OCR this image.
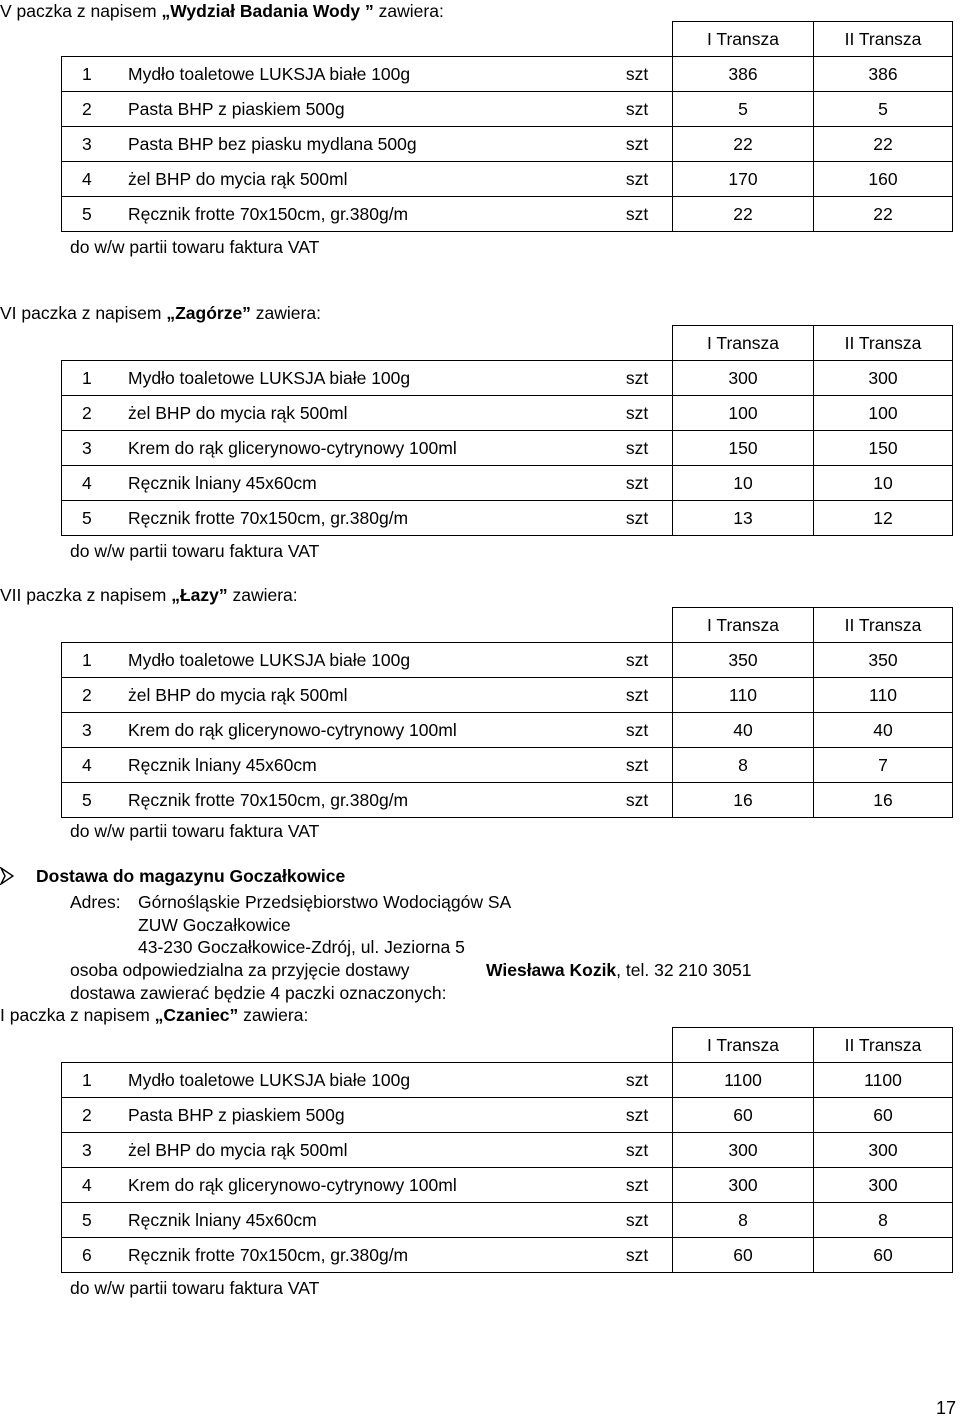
V paczka z napisem „Wydział Badania Wody ” zawiera:
			I Transza	II Transza
1	Mydło toaletowe LUKSJA białe 100g	szt	386	386
2	Pasta BHP z piaskiem 500g	szt	5	5
3	Pasta BHP bez piasku mydlana 500g	szt	22	22
4	żel BHP do mycia rąk 500ml	szt	170	160
5	Ręcznik frotte 70x150cm, gr.380g/m	szt	22	22
do w/w partii towaru faktura VAT
VI paczka z napisem „Zagórze” zawiera:
			I Transza	II Transza
1	Mydło toaletowe LUKSJA białe 100g	szt	300	300
2	żel BHP do mycia rąk 500ml	szt	100	100
3	Krem do rąk glicerynowo-cytrynowy 100ml	szt	150	150
4	Ręcznik lniany 45x60cm	szt	10	10
5	Ręcznik frotte 70x150cm, gr.380g/m	szt	13	12
do w/w partii towaru faktura VAT
VII paczka z napisem „Łazy” zawiera:
			I Transza	II Transza
1	Mydło toaletowe LUKSJA białe 100g	szt	350	350
2	żel BHP do mycia rąk 500ml	szt	110	110
3	Krem do rąk glicerynowo-cytrynowy 100ml	szt	40	40
4	Ręcznik lniany 45x60cm	szt	8	7
5	Ręcznik frotte 70x150cm, gr.380g/m	szt	16	16
do w/w partii towaru faktura VAT
Dostawa do magazynu Goczałkowice
Adres: Górnośląskie Przedsiębiorstwo Wodociągów SA
ZUW Goczałkowice
43-230 Goczałkowice-Zdrój, ul. Jeziorna 5
osoba odpowiedzialna za przyjęcie dostawy	Wiesława Kozik, tel. 32 210 3051
dostawa zawierać będzie 4 paczki oznaczonych:
I paczka z napisem „Czaniec” zawiera:
			I Transza	II Transza
1	Mydło toaletowe LUKSJA białe 100g	szt	1100	1100
2	Pasta BHP z piaskiem 500g	szt	60	60
3	żel BHP do mycia rąk 500ml	szt	300	300
4	Krem do rąk glicerynowo-cytrynowy 100ml	szt	300	300
5	Ręcznik lniany 45x60cm	szt	8	8
6	Ręcznik frotte 70x150cm, gr.380g/m	szt	60	60
do w/w partii towaru faktura VAT
17
